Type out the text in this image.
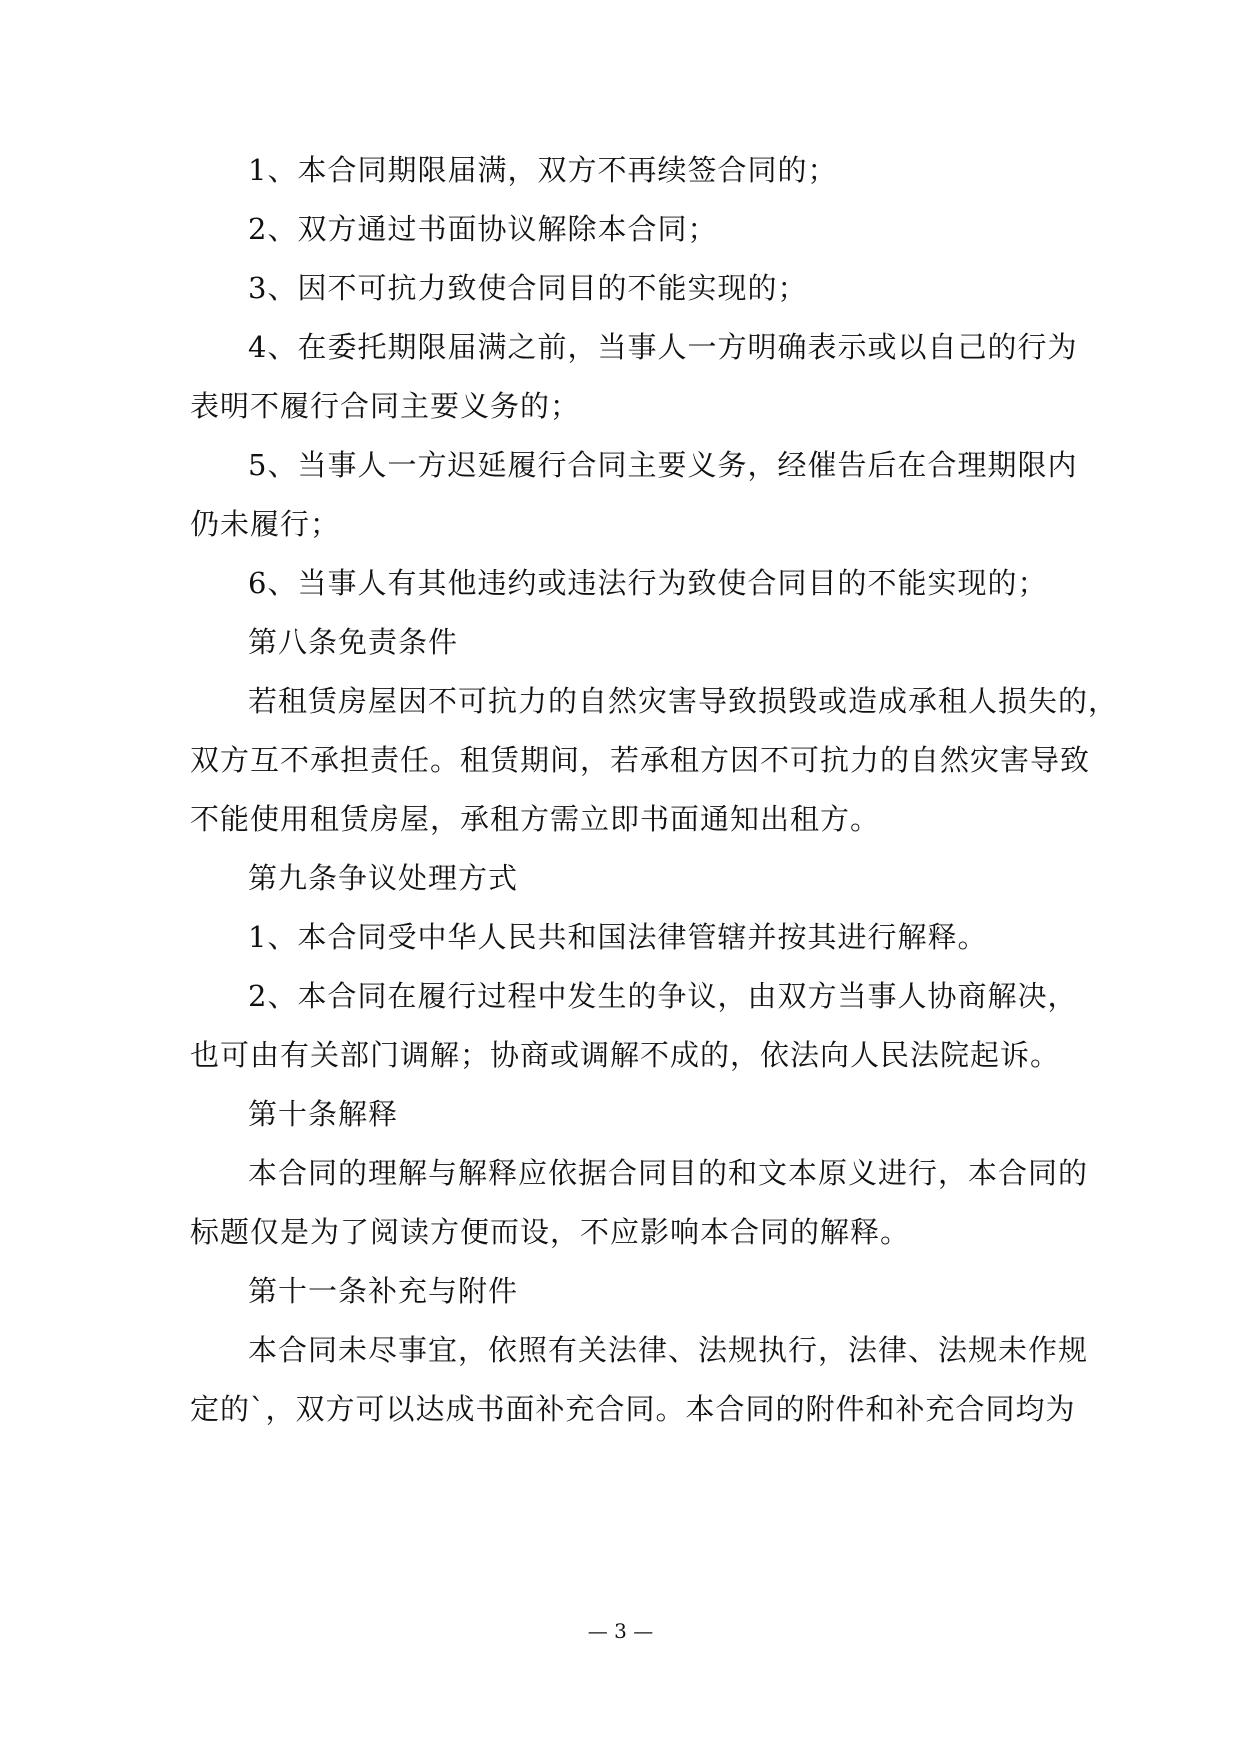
1、本合同期限届满，双方不再续签合同的；
2、双方通过书面协议解除本合同；
3、因不可抗力致使合同目的不能实现的；
4、在委托期限届满之前，当事人一方明确表示或以自己的行为
表明不履行合同主要义务的；
5、当事人一方迟延履行合同主要义务，经催告后在合理期限内
仍未履行；
6、当事人有其他违约或违法行为致使合同目的不能实现的；
第八条免责条件
若租赁房屋因不可抗力的自然灾害导致损毁或造成承租人损失的，
双方互不承担责任。租赁期间，若承租方因不可抗力的自然灾害导致
不能使用租赁房屋，承租方需立即书面通知出租方。
第九条争议处理方式
1、本合同受中华人民共和国法律管辖并按其进行解释。
2、本合同在履行过程中发生的争议，由双方当事人协商解决，
也可由有关部门调解；协商或调解不成的，依法向人民法院起诉。
第十条解释
本合同的理解与解释应依据合同目的和文本原义进行，本合同的
标题仅是为了阅读方便而设，不应影响本合同的解释。
第十一条补充与附件
本合同未尽事宜，依照有关法律、法规执行，法律、法规未作规
定的`，双方可以达成书面补充合同。本合同的附件和补充合同均为
— 3 —
